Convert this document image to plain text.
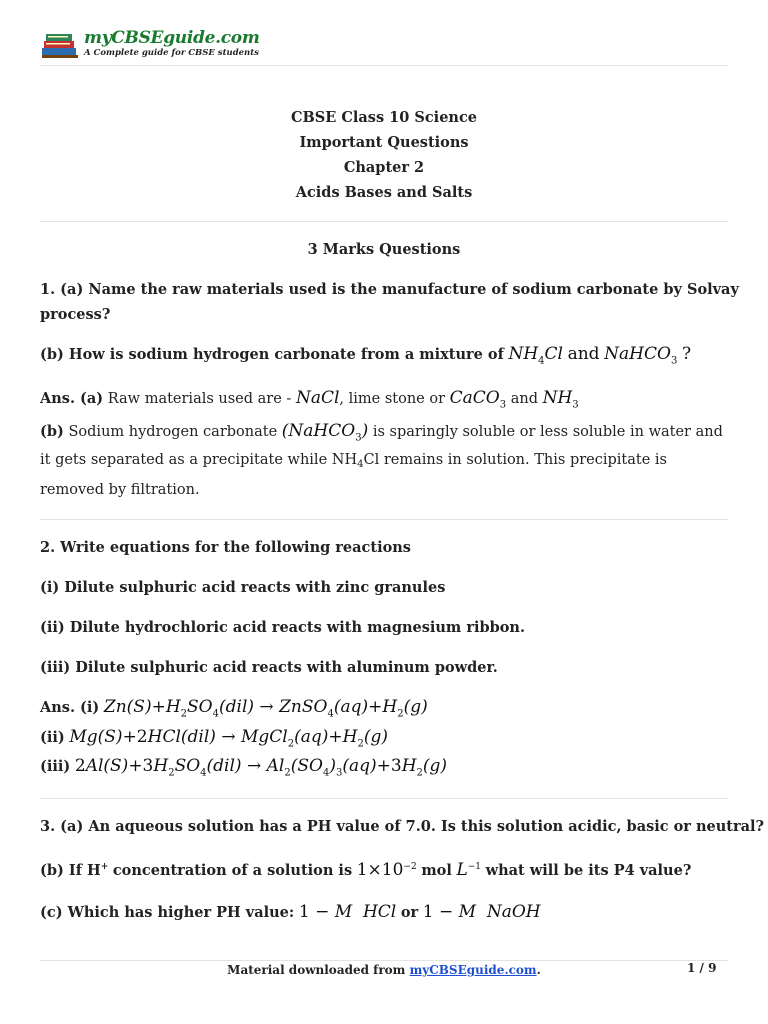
myCBSEguide.com
A Complete guide for CBSE students
CBSE Class 10 Science
Important Questions
Chapter 2
Acids Bases and Salts
3 Marks Questions
1. (a) Name the raw materials used is the manufacture of sodium carbonate by Solvay
process?
(b) How is sodium hydrogen carbonate from a mixture of $NH_4Cl$ and NaHCO$_3$ ?
Ans. (a) Raw materials used are - NaCl, lime stone or CaCO$_3$ and $NH_3$
(b) Sodium hydrogen carbonate (NaHCO$_3$) is sparingly soluble or less soluble in water and
it gets separated as a precipitate while $NH_4Cl$ remains in solution. This precipitate is
removed by filtration.
2. Write equations for the following reactions
(i) Dilute sulphuric acid reacts with zinc granules
(ii) Dilute hydrochloric acid reacts with magnesium ribbon.
(iii) Dilute sulphuric acid reacts with aluminum powder.
Ans. (i) $Zn(S)+H_2SO_4(dil)$ → $ZnSO_4(aq)+H_2(g)$
(ii) $Mg(S)+2HCl(dil) \to MgCl_2(aq)+H_2(g)$
(iii) $2Al(S)+3H_2SO_4(dil) \to Al_2(SO_4)_3(aq)+3H_2(g)$
3. (a) An aqueous solution has a PH value of 7.0. Is this solution acidic, basic or neutral?
(b) If H+ concentration of a solution is $1\times 10^{-2}$ mol $L^{-1}$ what will be its P4 value?
(c) Which has higher PH value: 1 − M  HCl or 1 − M  NaOH
Material downloaded from myCBSEguide.com.	1 / 9
